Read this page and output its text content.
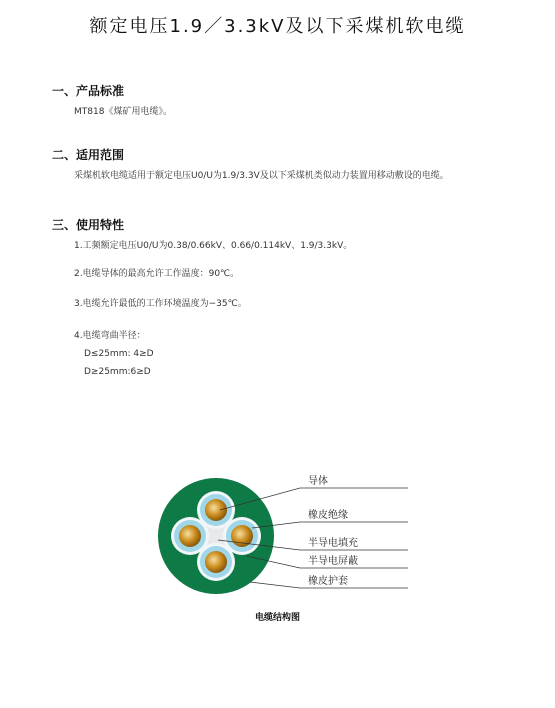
额定电压1.9／3.3kV及以下采煤机软电缆
一、产品标准
MT818《煤矿用电缆》。
二、适用范围
采煤机软电缆适用于额定电压U0/U为1.9/3.3V及以下采煤机类似动力装置用移动敷设的电缆。
三、使用特性
1.工频额定电压U0/U为0.38/0.66kV、0.66/0.114kV、1.9/3.3kV。
2.电缆导体的最高允许工作温度：90℃。
3.电缆允许最低的工作环境温度为−35℃。
4.电缆弯曲半径：
D≤25mm: 4≥D
D≥25mm:6≥D
导体
橡皮绝缘
半导电填充
半导电屏蔽
橡皮护套
电缆结构图
